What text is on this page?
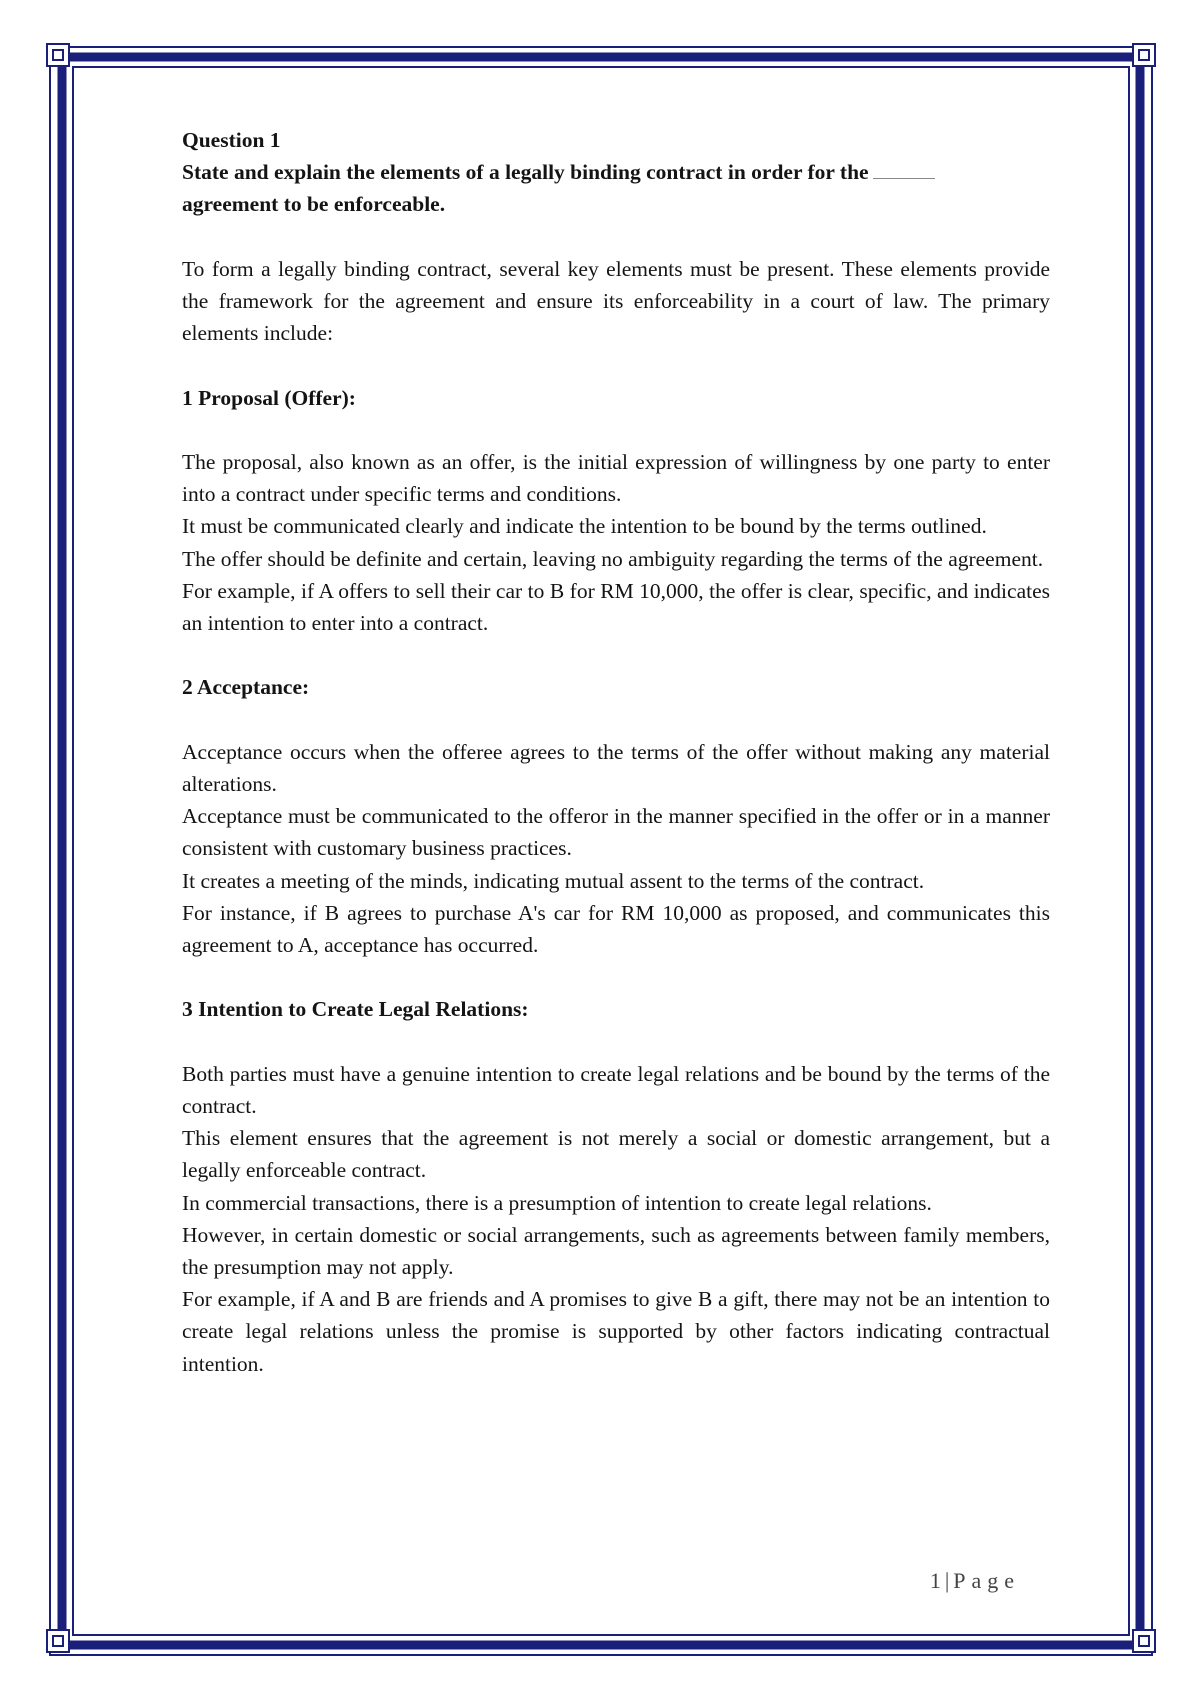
Question 1

State and explain the elements of a legally binding contract in order for the

agreement to be enforceable.

To form a legally binding contract, several key elements must be present. These elements provide the framework for the agreement and ensure its enforceability in a court of law. The primary elements include:

1 Proposal (Offer):

The proposal, also known as an offer, is the initial expression of willingness by one party to enter into a contract under specific terms and conditions.

It must be communicated clearly and indicate the intention to be bound by the terms outlined.

The offer should be definite and certain, leaving no ambiguity regarding the terms of the agreement.

For example, if A offers to sell their car to B for RM 10,000, the offer is clear, specific, and indicates an intention to enter into a contract.

2 Acceptance:

Acceptance occurs when the offeree agrees to the terms of the offer without making any material alterations.

Acceptance must be communicated to the offeror in the manner specified in the offer or in a manner consistent with customary business practices.

It creates a meeting of the minds, indicating mutual assent to the terms of the contract.

For instance, if B agrees to purchase A's car for RM 10,000 as proposed, and communicates this agreement to A, acceptance has occurred.

3 Intention to Create Legal Relations:

Both parties must have a genuine intention to create legal relations and be bound by the terms of the contract.

This element ensures that the agreement is not merely a social or domestic arrangement, but a legally enforceable contract.

In commercial transactions, there is a presumption of intention to create legal relations.

However, in certain domestic or social arrangements, such as agreements between family members, the presumption may not apply.

For example, if A and B are friends and A promises to give B a gift, there may not be an intention to create legal relations unless the promise is supported by other factors indicating contractual intention.

1 | Page
